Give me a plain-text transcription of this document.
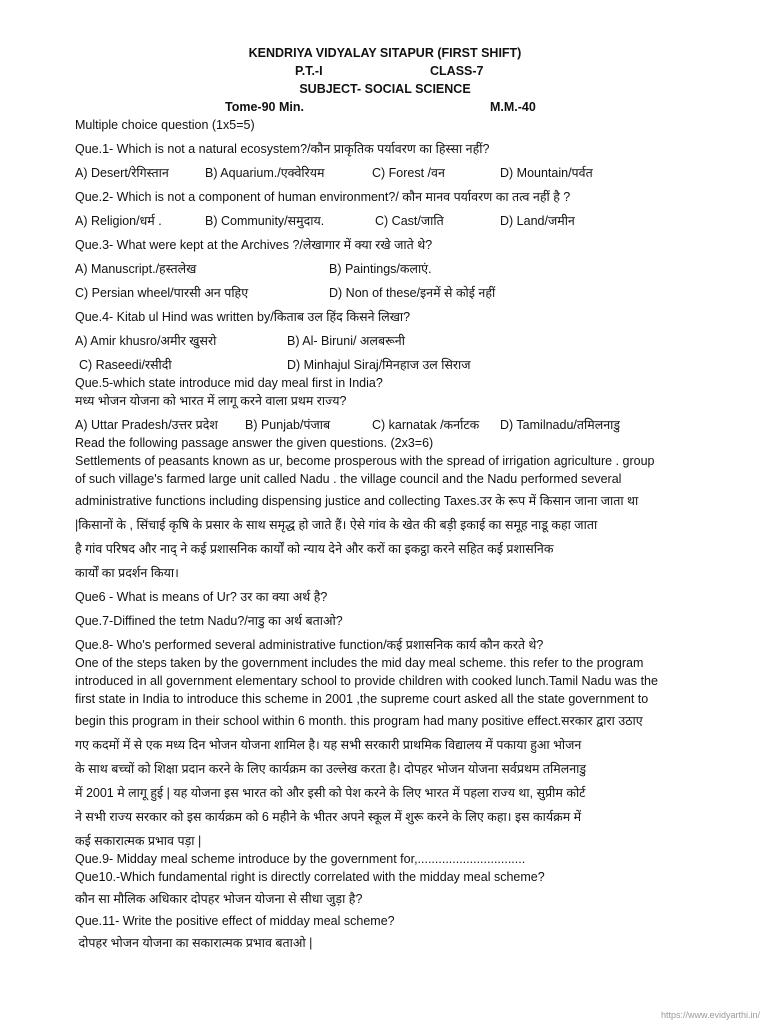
KENDRIYA VIDYALAY SITAPUR (FIRST SHIFT)
P.T.-I	CLASS-7
SUBJECT- SOCIAL SCIENCE
Tome-90 Min.	M.M.-40
Multiple choice question (1x5=5)
Que.1- Which is not a natural ecosystem?/कौन प्राकृतिक पर्यावरण का हिस्सा नहीं?
A) Desert/रेगिस्तान	B) Aquarium./एक्वेरियम	C) Forest /वन	D) Mountain/पर्वत
Que.2- Which is not a component of human environment?/ कौन मानव पर्यावरण का तत्व नहीं है ?
A) Religion/धर्म .	B) Community/समुदाय.	C) Cast/जाति	D) Land/जमीन
Que.3- What were kept at the Archives ?/लेखागार में क्या रखे जाते थे?
A) Manuscript./हस्तलेख	B) Paintings/कलाएं.
C) Persian wheel/पारसी अन पहिए	D) Non of these/इनमें से कोई नहीं
Que.4- Kitab ul Hind was written by/किताब उल हिंद किसने लिखा?
A) Amir khusro/अमीर खुसरो	B) Al- Biruni/ अलबरूनी
C) Raseedi/रसीदी	D) Minhajul Siraj/मिनहाज उल सिराज
Que.5-which state introduce mid day meal first in India?
मध्य भोजन योजना को भारत में लागू करने वाला प्रथम राज्य?
A) Uttar Pradesh/उत्तर प्रदेश B) Punjab/पंजाब	C) karnatak /कर्नाटक D) Tamilnadu/तमिलनाडु
Read the following passage answer the given questions. (2x3=6)
Settlements of peasants known as ur, become prosperous with the spread of irrigation agriculture . group
of such village's farmed large unit called Nadu . the village council and the Nadu performed several
administrative functions including dispensing justice and collecting Taxes.उर के रूप में किसान जाना जाता था
|किसानों के , सिंचाई कृषि के प्रसार के साथ समृद्ध हो जाते हैं। ऐसे गांव के खेत की बड़ी इकाई का समूह नाडू कहा जाता
है गांव परिषद और नाद् ने कई प्रशासनिक कार्यों को न्याय देने और करों का इकट्ठा करने सहित कई प्रशासनिक
कार्यों का प्रदर्शन किया।
Que6 - What is means of Ur? उर का क्या अर्थ है?
Que.7-Diffined the tetm Nadu?/नाडु का अर्थ बताओ?
Que.8- Who's performed several administrative function/कई प्रशासनिक कार्य कौन करते थे?
One of the steps taken by the government includes the mid day meal scheme. this refer to the program
introduced in all government elementary school to provide children with cooked lunch.Tamil Nadu was the
first state in India to introduce this scheme in 2001 ,the supreme court asked all the state government to
begin this program in their school within 6 month. this program had many positive effect.सरकार द्वारा उठाए
गए कदमों में से एक मध्य दिन भोजन योजना शामिल है। यह सभी सरकारी प्राथमिक विद्यालय में पकाया हुआ भोजन
के साथ बच्चों को शिक्षा प्रदान करने के लिए कार्यक्रम का उल्लेख करता है। दोपहर भोजन योजना सर्वप्रथम तमिलनाडु
में 2001 मे लागू हुई | यह योजना इस भारत को और इसी को पेश करने के लिए भारत में पहला राज्य था, सुप्रीम कोर्ट
ने सभी राज्य सरकार को इस कार्यक्रम को 6 महीने के भीतर अपने स्कूल में शुरू करने के लिए कहा। इस कार्यक्रम में
कई सकारात्मक प्रभाव पड़ा |
Que.9- Midday meal scheme introduce by the government for,...............................
Que10.-Which fundamental right is directly correlated with the midday meal scheme?
कौन सा मौलिक अधिकार दोपहर भोजन योजना से सीधा जुड़ा है?
Que.11- Write the positive effect of midday meal scheme?
दोपहर भोजन योजना का सकारात्मक प्रभाव बताओ |
https://www.evidyarthi.in/
